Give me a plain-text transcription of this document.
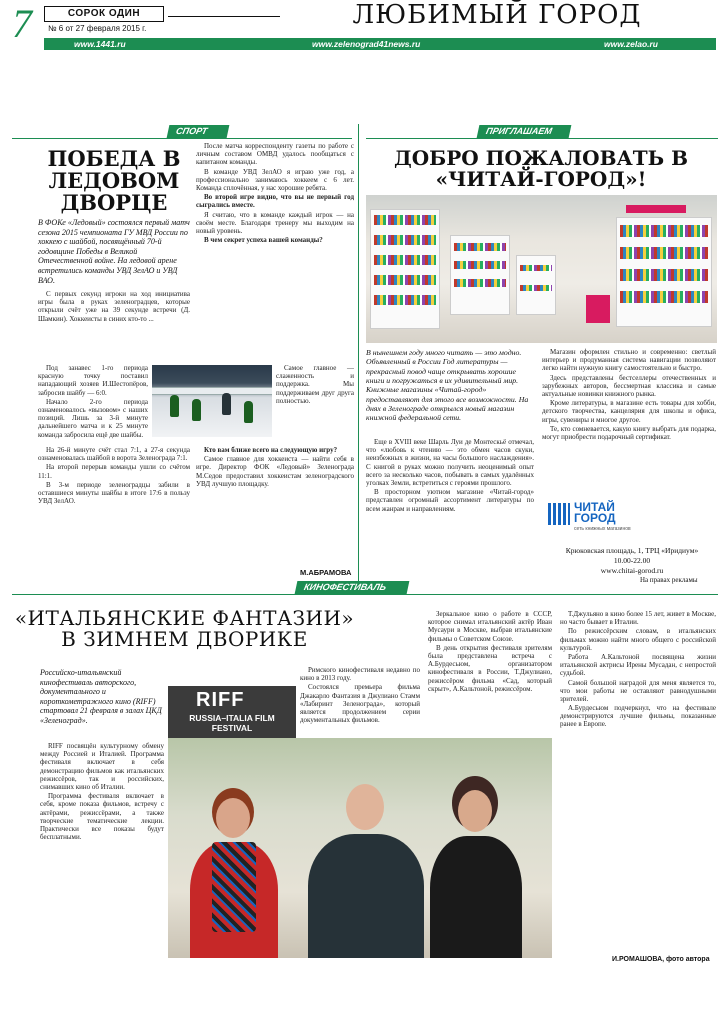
7	СОРОК ОДИН
№ 6 от 27 февраля 2015 г.	ЛЮБИМЫЙ ГОРОД
www.1441.ru	www.zelenograd41news.ru	www.zelao.ru
СПОРТ
ПОБЕДА В ЛЕДОВОМ ДВОРЦЕ
В ФОКе «Ледовый» состоялся первый матч сезона 2015 чемпионата ГУ МВД России по хоккею с шайбой, посвящённый 70-й годовщине Победы в Великой Отечественной войне. На ледовой арене встретились команды УВД ЗелАО и УВД ВАО.

С первых секунд игроки на ход инициатива игры была в руках зеленоградцев, которые открыли счёт уже на 39 секунде встречи (Д. Шамкин). Хоккеисты в синих кто-то ...

Под занавес 1-го периода красную точку поставил нападающий хозяев И.Шестопёров, забросив шайбу — 6:0.

Начало 2-го периода ознаменовалось «вызовом» с наших позиций. Лишь за 3-й минуте дальнейшего матча и к 25 минуте команда забросила ещё две шайбы.

На 26-й минуте счёт стал 7:1, а 27-я секунда ознаменовалась шайбой в ворота Зеленограда 7:1.

На второй перерыв команды ушли со счётом 11:1.

В 3-м периоде зеленоградцы забили в оставшиеся минуты шайбы в итоге 17:6 в пользу УВД ЗелАО.

После матча корреспонденту газеты по работе с личным составом ОМВД удалось пообщаться с капитаном команды.

В команде УВД ЗелАО я играю уже год, а профессионально занимаюсь хоккеем с 6 лет. Команда сплочённая, у нас хорошие ребята.

Во второй игре видно, что вы не первый год сыгрались вместе.

Я считаю, что в команде каждый игрок — на своём месте. Благодаря тренеру мы выходим на новый уровень.

В чем секрет успеха вашей команды?

Самое главное — слаженность и поддержка. Мы поддерживаем друг друга полностью.

Кто вам ближе всего на следующую игру?

Самое главное для хоккеиста — найти себя в игре. Директор ФОК «Ледовый» Зеленограда М.Седов предоставил хоккеистам зеленоградского УВД лучшую площадку.

М.АБРАМОВА
ПРИГЛАШАЕМ
ДОБРО ПОЖАЛОВАТЬ В «ЧИТАЙ-ГОРОД»!
В нынешнем году много читать — это модно. Объявленный в России Год литературы — прекрасный повод чаще открывать хорошие книги и погружаться в их удивительный мир. Книжные магазины «Читай-город» предоставляют для этого все возможности. На днях в Зеленограде открылся новый магазин книжной федеральной сети.

Еще в XVIII веке Шарль Луи де Монтескьё отмечал, что «любовь к чтению — это обмен часов скуки, неизбежных в жизни, на часы большого наслаждения». С книгой в руках можно получить неоценимый опыт всего за несколько часов, побывать в самых удалённых уголках Земли, встретиться с героями прошлого.

В просторном уютном магазине «Читай-город» представлен огромный ассортимент литературы по всем жанрам и направлениям.

Магазин оформлен стильно и современно: светлый интерьер и продуманная система навигации позволяют легко найти нужную книгу самостоятельно и быстро.

Здесь представлены бестселлеры отечественных и зарубежных авторов, бессмертная классика и самые актуальные новинки книжного рынка.

Кроме литературы, в магазине есть товары для хобби, детского творчества, канцелярия для школы и офиса, игры, сувениры и многое другое.

Те, кто сомневается, какую книгу выбрать для подарка, могут приобрести подарочный сертификат.

ЧИТАЙ
ГОРОД
сеть книжных магазинов
Крюковская площадь, 1, ТРЦ «Иридиум»
10.00-22.00
www.chitai-gorod.ru
На правах рекламы
КИНОФЕСТИВАЛЬ
«ИТАЛЬЯНСКИЕ ФАНТАЗИИ» В ЗИМНЕМ ДВОРИКЕ
Российско-итальянский кинофестиваль авторского, документального и короткометражного кино (RIFF) стартовал 21 февраля в залах ЦКД «Зеленоград».

RIFF посвящён культурному обмену между Россией и Италией. Программа фестиваля включает в себя демонстрацию фильмов как итальянских режиссёров, так и российских, снимавших кино об Италии.

Программа фестиваля включает в себя, кроме показа фильмов, встречу с актёрами, режиссёрами, а также творческие тематические лекции. Практически все показы будут бесплатными.

RIFF
RUSSIA–ITALIA FILM FESTIVAL

Римского кинофестиваля недавно по кино в 2013 году.

Состоялся премьера фильма Джакарло Фантазия в Джулиано Стамм «Лабиринт Зеленограда», который является продолжением серии документальных фильмов.

Зеркальное кино о работе в СССР, которое снимал итальянский актёр Иван Мусаури в Москве, выбрав итальянские фильмы о Советском Союзе.

В день открытия фестиваля зрителям была представлена встреча с А.Бурдесьюм, организатором кинофестиваля в России, Т.Джулиано, режиссёром фильма «Сад, который скрыт», А.Кальтоной, режиссёром.

Т.Джульяно в кино более 15 лет, живет в Москве, но часто бывает в Италии.

По режиссёрским словам, в итальянских фильмах можно найти много общего с российской культурой.

Работа А.Кальтоной посвящена жизни итальянской актрисы Ирены Мусадан, с непростой судьбой.

Самой большой наградой для меня является то, что мои работы не оставляют равнодушными зрителей.

А.Бурдесьюм подчеркнул, что на фестивале демонстрируются лучшие фильмы, показанные ранее в Европе.

И.РОМАШОВА, фото автора
